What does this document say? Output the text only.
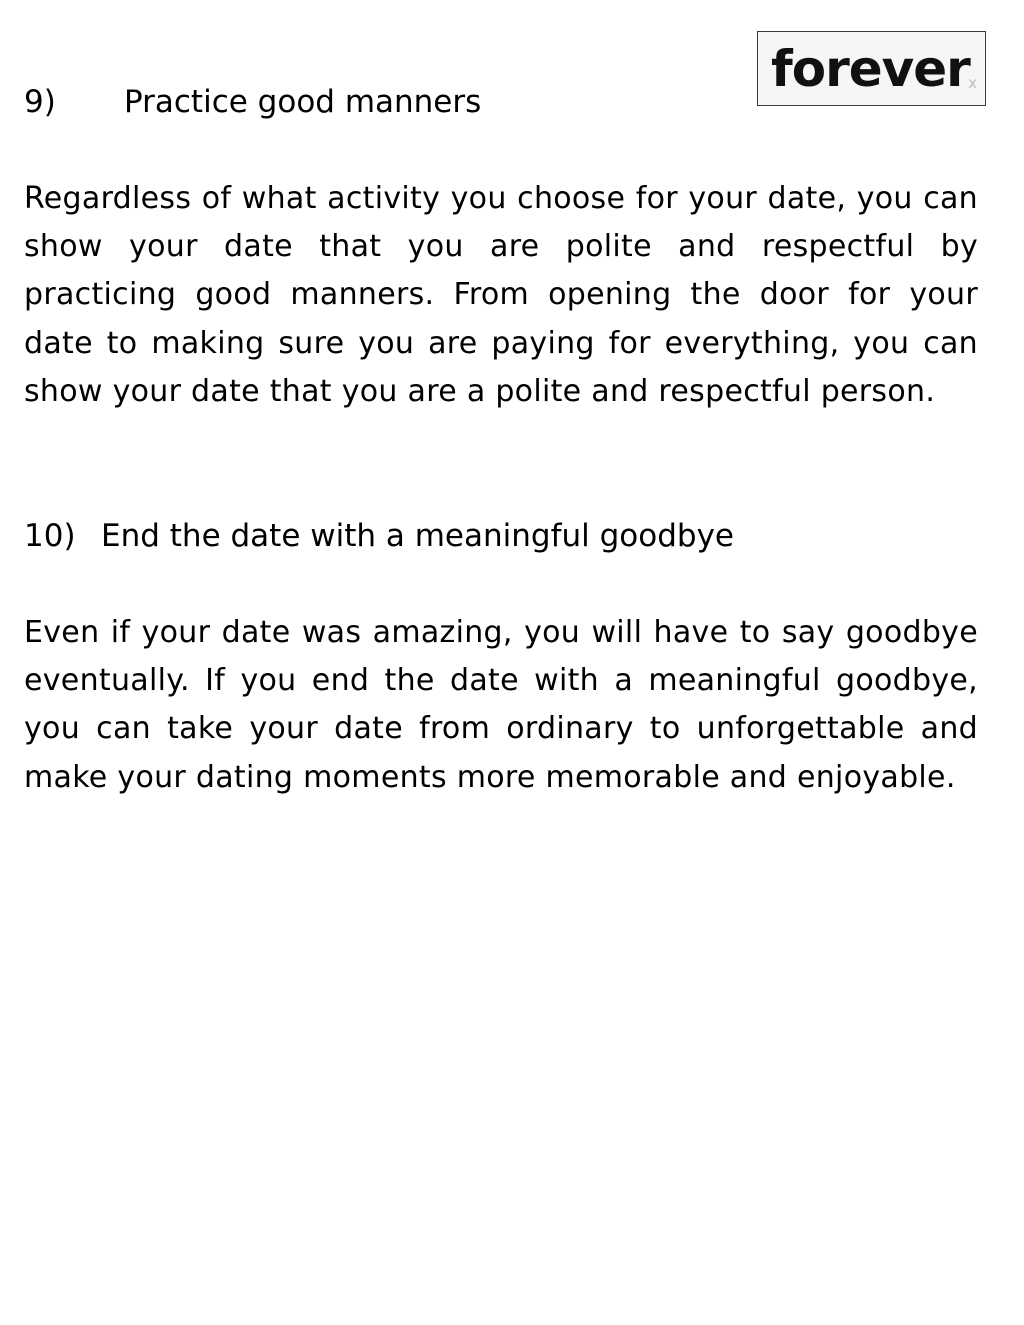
forever
x
9) Practice good manners

Regardless of what activity you choose for your date, you can show your date that you are polite and respectful by practicing good manners. From opening the door for your date to making sure you are paying for everything, you can show your date that you are a polite and respectful person.

10) End the date with a meaningful goodbye

Even if your date was amazing, you will have to say goodbye eventually. If you end the date with a meaningful goodbye, you can take your date from ordinary to unforgettable and make your dating moments more memorable and enjoyable.
